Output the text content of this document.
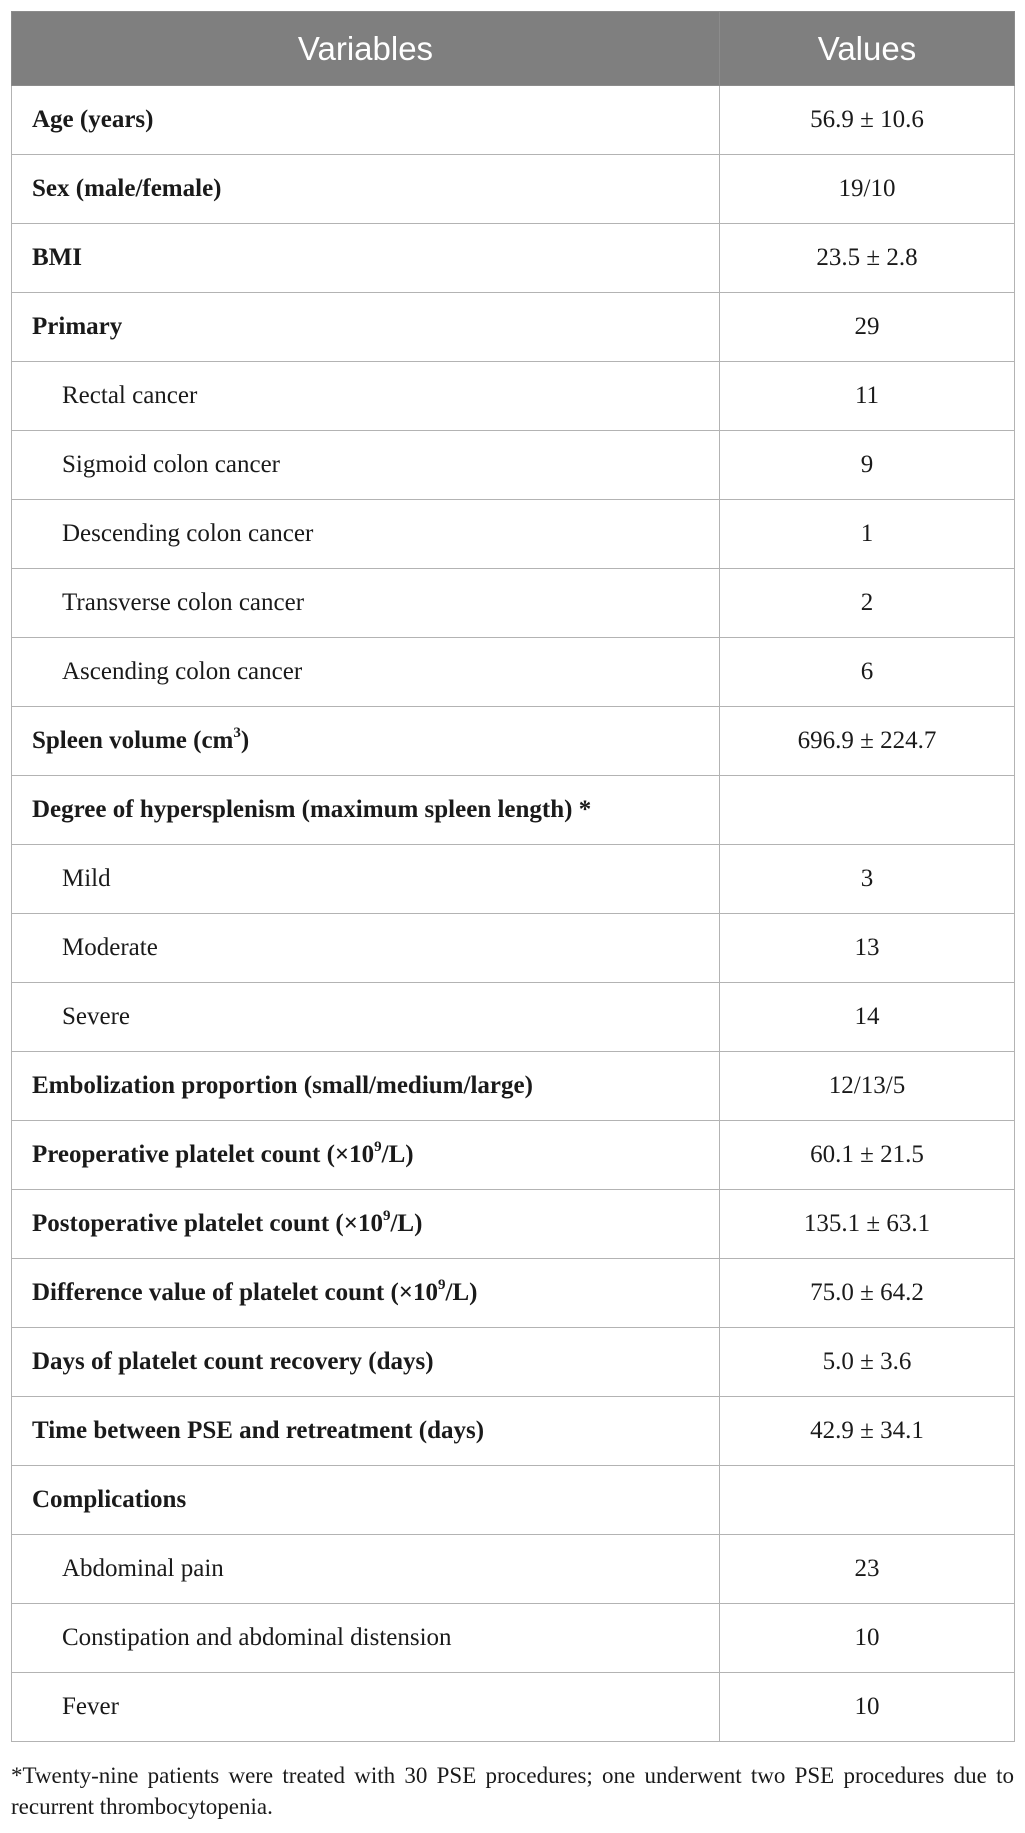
Variables	Values
Age (years)	56.9 ± 10.6
Sex (male/female)	19/10
BMI	23.5 ± 2.8
Primary	29
Rectal cancer	11
Sigmoid colon cancer	9
Descending colon cancer	1
Transverse colon cancer	2
Ascending colon cancer	6
Spleen volume $(cm^3)$	696.9 ± 224.7
Degree of hypersplenism (maximum spleen length) *	
Mild	3
Moderate	13
Severe	14
Embolization proportion (small/medium/large)	12/13/5
Preoperative platelet count $(\times 10^9/L)$	60.1 ± 21.5
Postoperative platelet count $(\times 10^9/L)$	135.1 ± 63.1
Difference value of platelet count $(\times 10^9/L)$	75.0 ± 64.2
Days of platelet count recovery (days)	5.0 ± 3.6
Time between PSE and retreatment (days)	42.9 ± 34.1
Complications	
Abdominal pain	23
Constipation and abdominal distension	10
Fever	10
*Twenty-nine patients were treated with 30 PSE procedures; one underwent two PSE procedures due to recurrent thrombocytopenia.
